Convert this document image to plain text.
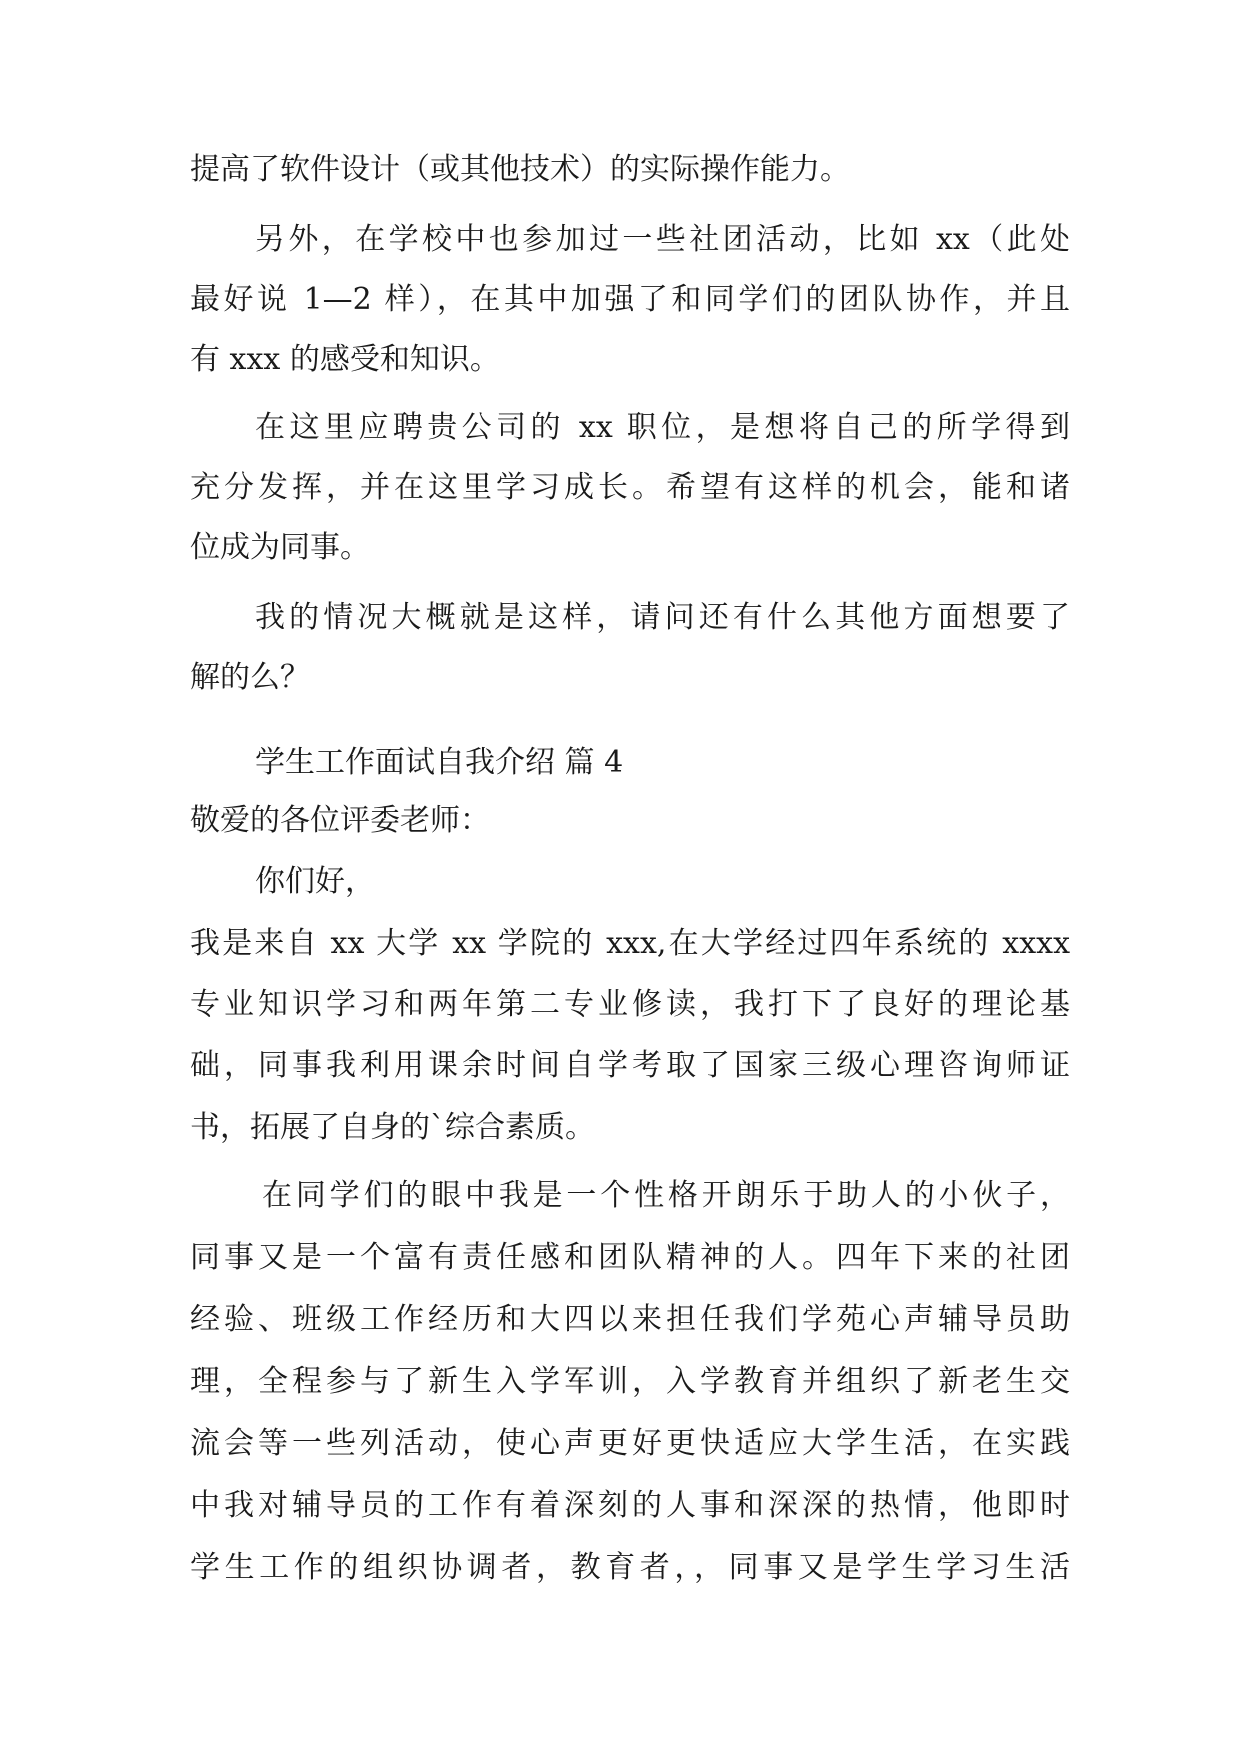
提高了软件设计（或其他技术）的实际操作能力。
另外，在学校中也参加过一些社团活动，比如 xx（此处
最好说 1—2 样），在其中加强了和同学们的团队协作，并且
有 xxx 的感受和知识。
在这里应聘贵公司的 xx 职位，是想将自己的所学得到
充分发挥，并在这里学习成长。希望有这样的机会，能和诸
位成为同事。
我的情况大概就是这样，请问还有什么其他方面想要了
解的么？
学生工作面试自我介绍 篇 4
敬爱的各位评委老师：
你们好，
我是来自 xx 大学 xx 学院的 xxx,在大学经过四年系统的 xxxx
专业知识学习和两年第二专业修读，我打下了良好的理论基
础，同事我利用课余时间自学考取了国家三级心理咨询师证
书，拓展了自身的`综合素质。
在同学们的眼中我是一个性格开朗乐于助人的小伙子，
同事又是一个富有责任感和团队精神的人。四年下来的社团
经验、班级工作经历和大四以来担任我们学苑心声辅导员助
理，全程参与了新生入学军训，入学教育并组织了新老生交
流会等一些列活动，使心声更好更快适应大学生活，在实践
中我对辅导员的工作有着深刻的人事和深深的热情，他即时
学生工作的组织协调者，教育者，，同事又是学生学习生活
